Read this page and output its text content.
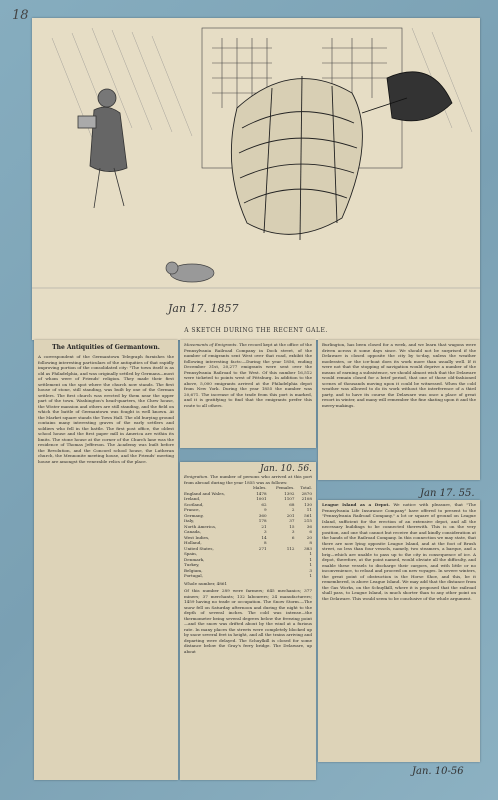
18
Jan 17. 1857
A SKETCH DURING THE RECENT GALE.
The Antiquities of Germantown.
A correspondent of the Germantown Telegraph furnishes the following interesting particulars of the antiquities of that rapidly improving portion of the consolidated city: "The town itself is as old as Philadelphia, and was originally settled by Germans—most of whom were of Friends' religion. They made their first settlement on the spot where the church now stands. The first house of stone, still standing, was built by one of the German settlers. The first church was erected by them near the upper part of the town. Washington's head-quarters, the Chew house, the Wister mansion and others are still standing, and the field on which the battle of Germantown was fought is well known. At the Market square stands the Town Hall. The old burying ground contains many interesting graves of the early settlers and soldiers who fell in the battle. The first post office, the oldest school house and the first paper mill in America are within its limits. The stone house at the corner of the Church lane was the residence of Thomas Jefferson. The Academy was built before the Revolution, and the Concord school house, the Lutheran church, the Mennonite meeting house, and the Friends' meeting house are amongst the venerable relics of the place.
Movements of Emigrants. The record kept at the office of the Pennsylvania Railroad Company in Dock street, of the number of emigrants sent West over that road, exhibit the following interesting facts:—During the year 1856, ending December 31st, 20,277 emigrants were sent over the Pennsylvania Railroad to the West. Of this number 16,512 were ticketed to points west of Pittsburg. In addition to the above, 5,000 emigrants arrived at the Philadelphia depot from New York. During the year 1855 the number was 20,671. The increase of the trade from this port is marked, and it is gratifying to find that the emigrants prefer this route to all others.
Burlington, has been closed for a week, and we learn that wagons were driven across it some days since. We should not be surprised if the Delaware is closed opposite the city by to-day, unless the weather moderates, or the ice-boat does its work more than usually well. If it were not that the stopping of navigation would deprive a number of the means of earning a subsistence, we should almost wish that the Delaware would remain closed for a brief period, that one of those old-fashioned scenes of thousands moving upon it could be witnessed. When the cold weather was allowed to do its work without the interference of a third party, and to have its course the Delaware was once a place of great resort in winter, and many will remember the fine skating upon it and the merry-makings.
Jan 17. 55.
Jan. 10. 56.
Emigration. The number of persons who arrived at this port from abroad during the year 1855 was as follows:
	Males.	Females.	Total.
England and Wales,	1478	1392	2870
Ireland,	1001	1107	2108
Scotland,	62	68	130
France,	9	2	11
Germany,	360	201	561
Italy,	178	37	215
North America,	21	15	36
Canada,	3	3	6
West Indies,	14	6	20
Holland,	8		8
United States,	271	112	383
Spain,			1
Denmark,			1
Turkey,			1
Belgium,			3
Portugal,			1
Whole number, 4861
Of this number 289 were farmers; 645 mechanics; 377 miners; 37 merchants; 132 labourers; 24 manufacturers; 1459 having no trade or occupation. The Snow Storm.—The snow fell on Saturday afternoon and during the night to the depth of several inches. The cold was intense—the thermometer being several degrees below the freezing point—and the snow was drifted about by the wind at a furious rate. In many places the streets were completely blocked up by snow several feet in height, and all the trains arriving and departing were delayed. The Schuylkill is closed for some distance below the Gray's ferry bridge. The Delaware, up about
League Island as a Depot. We notice with pleasure, that "The Pennsylvania Life Insurance Company" have offered to present to the "Pennsylvania Railroad Company," a lot or square of ground on League Island, sufficient for the erection of an extensive depot, and all the necessary buildings to be connected therewith. This is on the very position, and one that cannot but receive due and kindly consideration at the hands of the Railroad Company. In this connection we may state, that there are now lying opposite League Island, and at the foot of Brush street, no less than four vessels, namely, two steamers, a barque, and a brig—which are unable to pass up to the city in consequence of ice. A depot, therefore, at the point named, would obviate all the difficulty, and enable these vessels to discharge their cargoes, and with little or no inconvenience, to reload and proceed on new voyages. In severe winters, the great point of obstruction is the Horse Shoe, and this, be it remembered, is above League Island. We may add that the distance from the Gas Works, on the Schuylkill, where it is proposed that the railroad shall pass, to League Island, is much shorter than to any other point on the Delaware. This would seem to be conclusive of the whole argument.
Jan. 10-56
